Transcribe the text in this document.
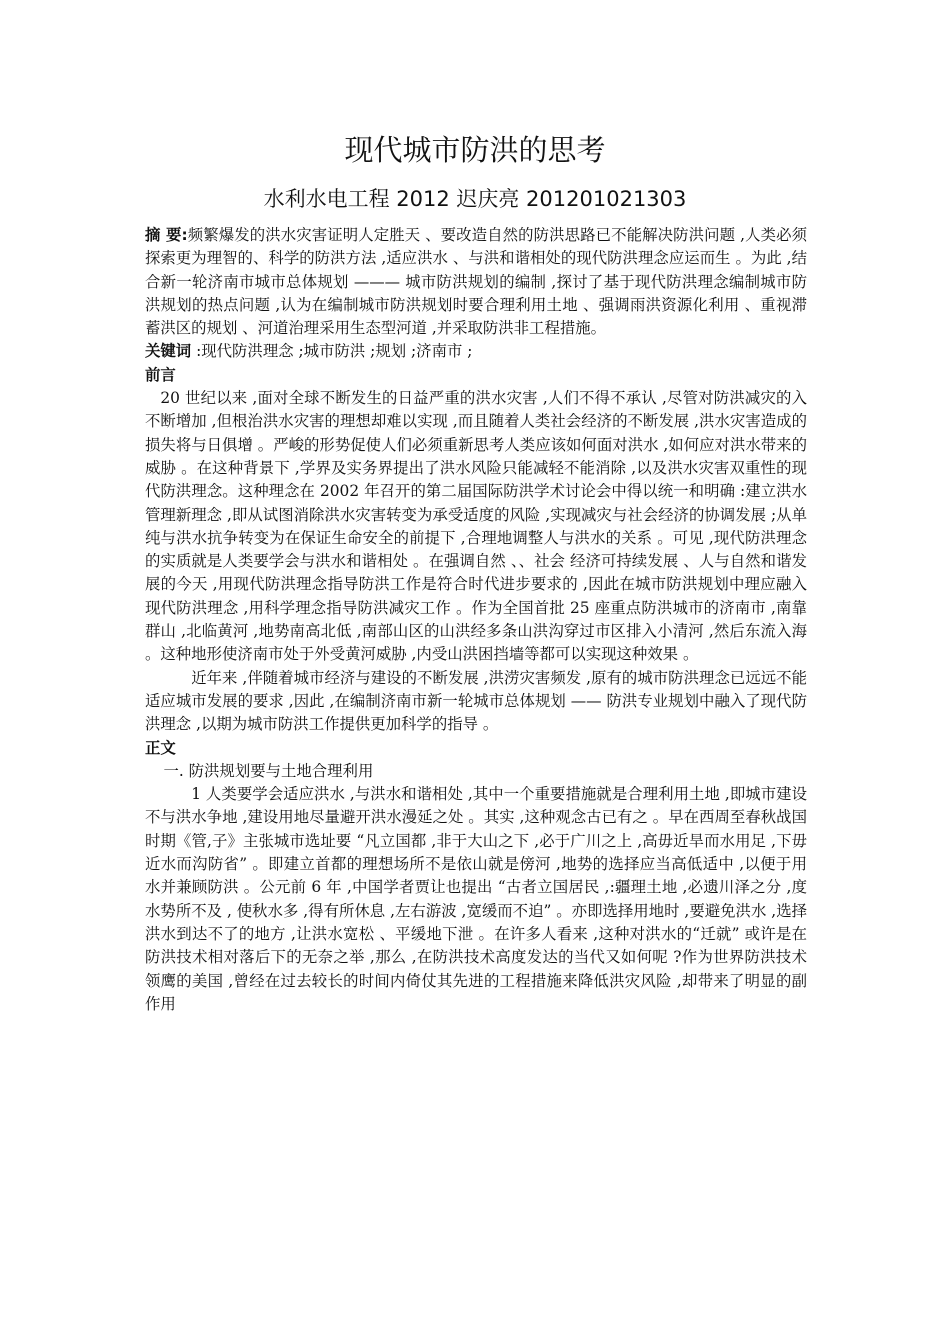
现代城市防洪的思考
水利水电工程 2012 迟庆亮 201201021303

摘 要:频繁爆发的洪水灾害证明人定胜天 、要改造自然的防洪思路已不能解决防洪问题 ,人类必须探索更为理智的、科学的防洪方法 ,适应洪水 、与洪和谐相处的现代防洪理念应运而生 。为此 ,结合新一轮济南市城市总体规划 ——— 城市防洪规划的编制 ,探讨了基于现代防洪理念编制城市防洪规划的热点问题 ,认为在编制城市防洪规划时要合理利用土地 、强调雨洪资源化利用 、重视滞蓄洪区的规划 、河道治理采用生态型河道 ,并采取防洪非工程措施。

关键词 :现代防洪理念 ;城市防洪 ;规划 ;济南市 ;

前言

20 世纪以来 ,面对全球不断发生的日益严重的洪水灾害 ,人们不得不承认 ,尽管对防洪减灾的入不断增加 ,但根治洪水灾害的理想却难以实现 ,而且随着人类社会经济的不断发展 ,洪水灾害造成的损失将与日俱增 。严峻的形势促使人们必须重新思考人类应该如何面对洪水 ,如何应对洪水带来的威胁 。在这种背景下 ,学界及实务界提出了洪水风险只能减轻不能消除 ,以及洪水灾害双重性的现代防洪理念。这种理念在 2002 年召开的第二届国际防洪学术讨论会中得以统一和明确 :建立洪水管理新理念 ,即从试图消除洪水灾害转变为承受适度的风险 ,实现减灾与社会经济的协调发展 ;从单纯与洪水抗争转变为在保证生命安全的前提下 ,合理地调整人与洪水的关系 。可见 ,现代防洪理念的实质就是人类要学会与洪水和谐相处 。在强调自然 、、社会 经济可持续发展 、人与自然和谐发展的今天 ,用现代防洪理念指导防洪工作是符合时代进步要求的 ,因此在城市防洪规划中理应融入现代防洪理念 ,用科学理念指导防洪减灾工作 。作为全国首批 25 座重点防洪城市的济南市 ,南靠群山 ,北临黄河 ,地势南高北低 ,南部山区的山洪经多条山洪沟穿过市区排入小清河 ,然后东流入海 。这种地形使济南市处于外受黄河威胁 ,内受山洪困挡墙等都可以实现这种效果 。

近年来 ,伴随着城市经济与建设的不断发展 ,洪涝灾害频发 ,原有的城市防洪理念已远远不能适应城市发展的要求 ,因此 ,在编制济南市新一轮城市总体规划 —— 防洪专业规划中融入了现代防洪理念 ,以期为城市防洪工作提供更加科学的指导 。

正文

一. 防洪规划要与土地合理利用

1 人类要学会适应洪水 ,与洪水和谐相处 ,其中一个重要措施就是合理利用土地 ,即城市建设不与洪水争地 ,建设用地尽量避开洪水漫延之处 。其实 ,这种观念古已有之 。早在西周至春秋战国时期《管,子》主张城市选址要 “凡立国都 ,非于大山之下 ,必于广川之上 ,高毋近旱而水用足 ,下毋近水而沟防省” 。即建立首都的理想场所不是依山就是傍河 ,地势的选择应当高低适中 ,以便于用水并兼顾防洪 。公元前 6 年 ,中国学者贾让也提出 “古者立国居民 ,:疆理土地 ,必遗川泽之分 ,度水势所不及 , 使秋水多 ,得有所休息 ,左右游波 ,宽缓而不迫” 。亦即选择用地时 ,要避免洪水 ,选择洪水到达不了的地方 ,让洪水宽松 、平缓地下泄 。在许多人看来 ,这种对洪水的“迁就” 或许是在防洪技术相对落后下的无奈之举 ,那么 ,在防洪技术高度发达的当代又如何呢 ?作为世界防洪技术领鹰的美国 ,曾经在过去较长的时间内倚仗其先进的工程措施来降低洪灾风险 ,却带来了明显的副作用
